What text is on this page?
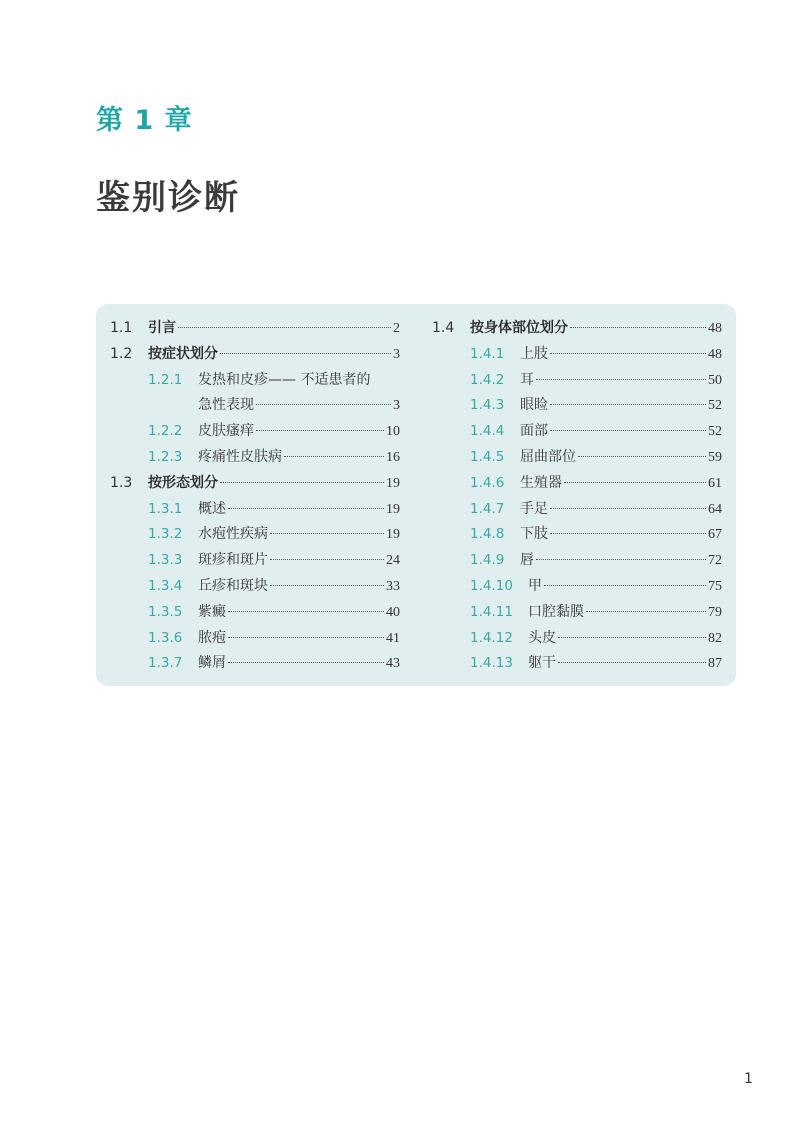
第 1 章
鉴别诊断
1.1	引言	2
1.2	按症状划分	3
1.2.1	发热和皮疹—— 不适患者的
急性表现	3
1.2.2	皮肤瘙痒	10
1.2.3	疼痛性皮肤病	16
1.3	按形态划分	19
1.3.1	概述	19
1.3.2	水疱性疾病	19
1.3.3	斑疹和斑片	24
1.3.4	丘疹和斑块	33
1.3.5	紫癜	40
1.3.6	脓疱	41
1.3.7	鳞屑	43
1.4	按身体部位划分	48
1.4.1	上肢	48
1.4.2	耳	50
1.4.3	眼睑	52
1.4.4	面部	52
1.4.5	屈曲部位	59
1.4.6	生殖器	61
1.4.7	手足	64
1.4.8	下肢	67
1.4.9	唇	72
1.4.10	甲	75
1.4.11	口腔黏膜	79
1.4.12	头皮	82
1.4.13	躯干	87
1
